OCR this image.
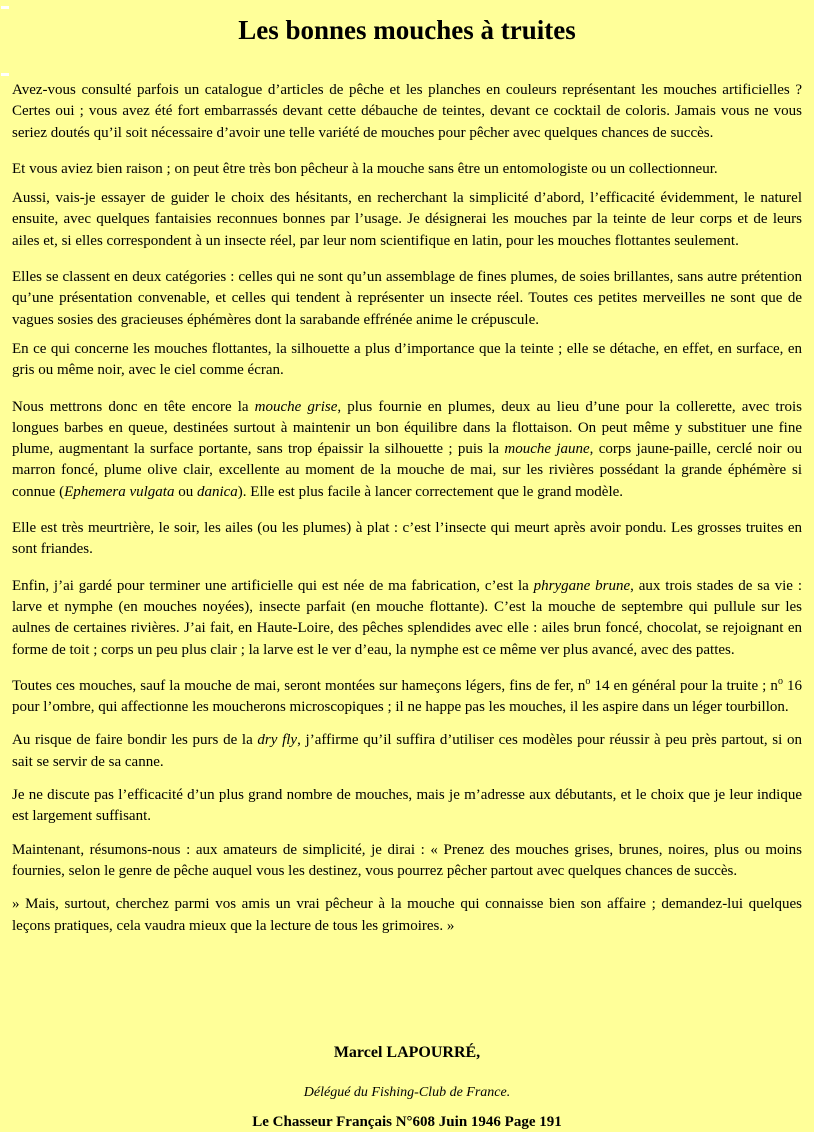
Les bonnes mouches à truites

Avez-vous consulté parfois un catalogue d’articles de pêche et les planches en couleurs représentant les mouches artificielles ? Certes oui ; vous avez été fort embarrassés devant cette débauche de teintes, devant ce cocktail de coloris. Jamais vous ne vous seriez doutés qu’il soit nécessaire d’avoir une telle variété de mouches pour pêcher avec quelques chances de succès.

Et vous aviez bien raison ; on peut être très bon pêcheur à la mouche sans être un entomologiste ou un collectionneur.

Aussi, vais-je essayer de guider le choix des hésitants, en recherchant la simplicité d’abord, l’efficacité évidemment, le naturel ensuite, avec quelques fantaisies reconnues bonnes par l’usage. Je désignerai les mouches par la teinte de leur corps et de leurs ailes et, si elles correspondent à un insecte réel, par leur nom scientifique en latin, pour les mouches flottantes seulement.

Elles se classent en deux catégories : celles qui ne sont qu’un assemblage de fines plumes, de soies brillantes, sans autre prétention qu’une présentation convenable, et celles qui tendent à représenter un insecte réel. Toutes ces petites merveilles ne sont que de vagues sosies des gracieuses éphémères dont la sarabande effrénée anime le crépuscule.

En ce qui concerne les mouches flottantes, la silhouette a plus d’importance que la teinte ; elle se détache, en effet, en surface, en gris ou même noir, avec le ciel comme écran.

Nous mettrons donc en tête encore la mouche grise, plus fournie en plumes, deux au lieu d’une pour la collerette, avec trois longues barbes en queue, destinées surtout à maintenir un bon équilibre dans la flottaison. On peut même y substituer une fine plume, augmentant la surface portante, sans trop épaissir la silhouette ; puis la mouche jaune, corps jaune-paille, cerclé noir ou marron foncé, plume olive clair, excellente au moment de la mouche de mai, sur les rivières possédant la grande éphémère si connue (Ephemera vulgata ou danica). Elle est plus facile à lancer correctement que le grand modèle.

Elle est très meurtrière, le soir, les ailes (ou les plumes) à plat : c’est l’insecte qui meurt après avoir pondu. Les grosses truites en sont friandes.

Enfin, j’ai gardé pour terminer une artificielle qui est née de ma fabrication, c’est la phrygane brune, aux trois stades de sa vie : larve et nymphe (en mouches noyées), insecte parfait (en mouche flottante). C’est la mouche de septembre qui pullule sur les aulnes de certaines rivières. J’ai fait, en Haute-Loire, des pêches splendides avec elle : ailes brun foncé, chocolat, se rejoignant en forme de toit ; corps un peu plus clair ; la larve est le ver d’eau, la nymphe est ce même ver plus avancé, avec des pattes.

Toutes ces mouches, sauf la mouche de mai, seront montées sur hameçons légers, fins de fer, $n^o$ 14 en général pour la truite ; $n^o$ 16 pour l’ombre, qui affectionne les moucherons microscopiques ; il ne happe pas les mouches, il les aspire dans un léger tourbillon.

Au risque de faire bondir les purs de la dry fly, j’affirme qu’il suffira d’utiliser ces modèles pour réussir à peu près partout, si on sait se servir de sa canne.

Je ne discute pas l’efficacité d’un plus grand nombre de mouches, mais je m’adresse aux débutants, et le choix que je leur indique est largement suffisant.

Maintenant, résumons-nous : aux amateurs de simplicité, je dirai : « Prenez des mouches grises, brunes, noires, plus ou moins fournies, selon le genre de pêche auquel vous les destinez, vous pourrez pêcher partout avec quelques chances de succès.

» Mais, surtout, cherchez parmi vos amis un vrai pêcheur à la mouche qui connaisse bien son affaire ; demandez-lui quelques leçons pratiques, cela vaudra mieux que la lecture de tous les grimoires. »

Marcel LAPOURRÉ,
Délégué du Fishing-Club de France.
Le Chasseur Français N°608 Juin 1946 Page 191
